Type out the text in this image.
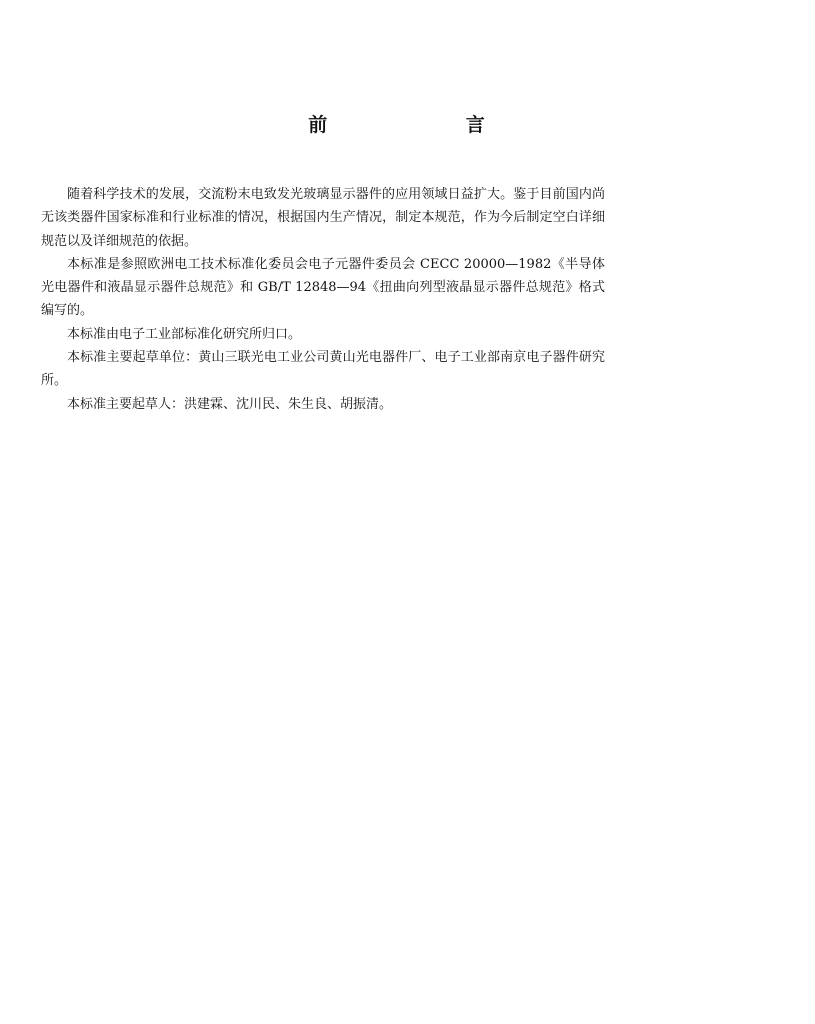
前 言

随着科学技术的发展，交流粉末电致发光玻璃显示器件的应用领域日益扩大。鉴于目前国内尚无该类器件国家标准和行业标准的情况，根据国内生产情况，制定本规范，作为今后制定空白详细规范以及详细规范的依据。

本标准是参照欧洲电工技术标准化委员会电子元器件委员会 CECC 20000—1982《半导体光电器件和液晶显示器件总规范》和 GB/T 12848—94《扭曲向列型液晶显示器件总规范》格式编写的。

本标准由电子工业部标准化研究所归口。

本标准主要起草单位：黄山三联光电工业公司黄山光电器件厂、电子工业部南京电子器件研究所。

本标准主要起草人：洪建霖、沈川民、朱生良、胡振清。
